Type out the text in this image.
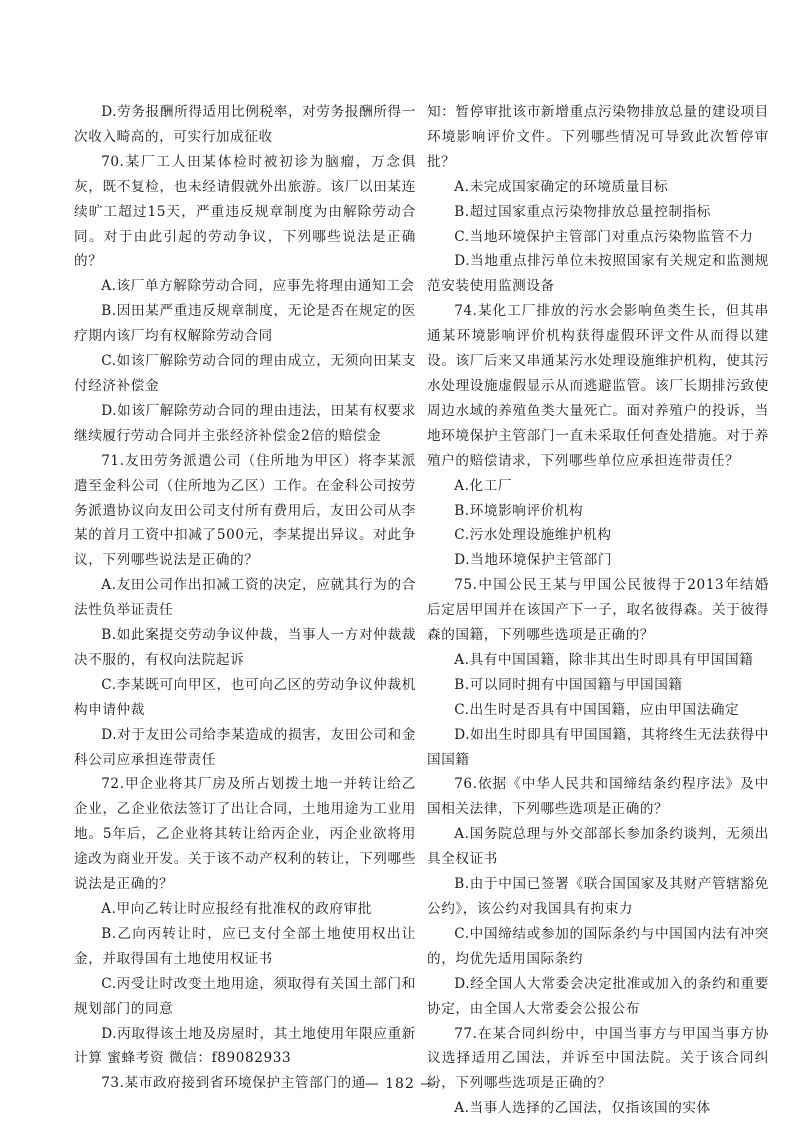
D.劳务报酬所得适用比例税率，对劳务报酬所得一次收入畸高的，可实行加成征收

70.某厂工人田某体检时被初诊为脑瘤，万念俱灰，既不复检，也未经请假就外出旅游。该厂以田某连续旷工超过15天，严重违反规章制度为由解除劳动合同。对于由此引起的劳动争议，下列哪些说法是正确的？

A.该厂单方解除劳动合同，应事先将理由通知工会

B.因田某严重违反规章制度，无论是否在规定的医疗期内该厂均有权解除劳动合同

C.如该厂解除劳动合同的理由成立，无须向田某支付经济补偿金

D.如该厂解除劳动合同的理由违法，田某有权要求继续履行劳动合同并主张经济补偿金2倍的赔偿金

71.友田劳务派遣公司（住所地为甲区）将李某派遣至金科公司（住所地为乙区）工作。在金科公司按劳务派遣协议向友田公司支付所有费用后，友田公司从李某的首月工资中扣减了500元，李某提出异议。对此争议，下列哪些说法是正确的？

A.友田公司作出扣减工资的决定，应就其行为的合法性负举证责任

B.如此案提交劳动争议仲裁，当事人一方对仲裁裁决不服的，有权向法院起诉

C.李某既可向甲区，也可向乙区的劳动争议仲裁机构申请仲裁

D.对于友田公司给李某造成的损害，友田公司和金科公司应承担连带责任

72.甲企业将其厂房及所占划拨土地一并转让给乙企业，乙企业依法签订了出让合同，土地用途为工业用地。5年后，乙企业将其转让给丙企业，丙企业欲将用途改为商业开发。关于该不动产权利的转让，下列哪些说法是正确的？

A.甲向乙转让时应报经有批准权的政府审批

B.乙向丙转让时，应已支付全部土地使用权出让金，并取得国有土地使用权证书

C.丙受让时改变土地用途，须取得有关国土部门和规划部门的同意

D.丙取得该土地及房屋时，其土地使用年限应重新计算 蜜蜂考资 微信：f89082933

73.某市政府接到省环境保护主管部门的通

知：暂停审批该市新增重点污染物排放总量的建设项目环境影响评价文件。下列哪些情况可导致此次暂停审批？

A.未完成国家确定的环境质量目标

B.超过国家重点污染物排放总量控制指标

C.当地环境保护主管部门对重点污染物监管不力

D.当地重点排污单位未按照国家有关规定和监测规范安装使用监测设备

74.某化工厂排放的污水会影响鱼类生长，但其串通某环境影响评价机构获得虚假环评文件从而得以建设。该厂后来又串通某污水处理设施维护机构，使其污水处理设施虚假显示从而逃避监管。该厂长期排污致使周边水域的养殖鱼类大量死亡。面对养殖户的投诉，当地环境保护主管部门一直未采取任何查处措施。对于养殖户的赔偿请求，下列哪些单位应承担连带责任？

A.化工厂

B.环境影响评价机构

C.污水处理设施维护机构

D.当地环境保护主管部门

75.中国公民王某与甲国公民彼得于2013年结婚后定居甲国并在该国产下一子，取名彼得森。关于彼得森的国籍，下列哪些选项是正确的？

A.具有中国国籍，除非其出生时即具有甲国国籍

B.可以同时拥有中国国籍与甲国国籍

C.出生时是否具有中国国籍，应由甲国法确定

D.如出生时即具有甲国国籍，其将终生无法获得中国国籍

76.依据《中华人民共和国缔结条约程序法》及中国相关法律，下列哪些选项是正确的？

A.国务院总理与外交部部长参加条约谈判，无须出具全权证书

B.由于中国已签署《联合国国家及其财产管辖豁免公约》，该公约对我国具有拘束力

C.中国缔结或参加的国际条约与中国国内法有冲突的，均优先适用国际条约

D.经全国人大常委会决定批准或加入的条约和重要协定，由全国人大常委会公报公布

77.在某合同纠纷中，中国当事方与甲国当事方协议选择适用乙国法，并诉至中国法院。关于该合同纠纷，下列哪些选项是正确的？

A.当事人选择的乙国法，仅指该国的实体

— 182 —
